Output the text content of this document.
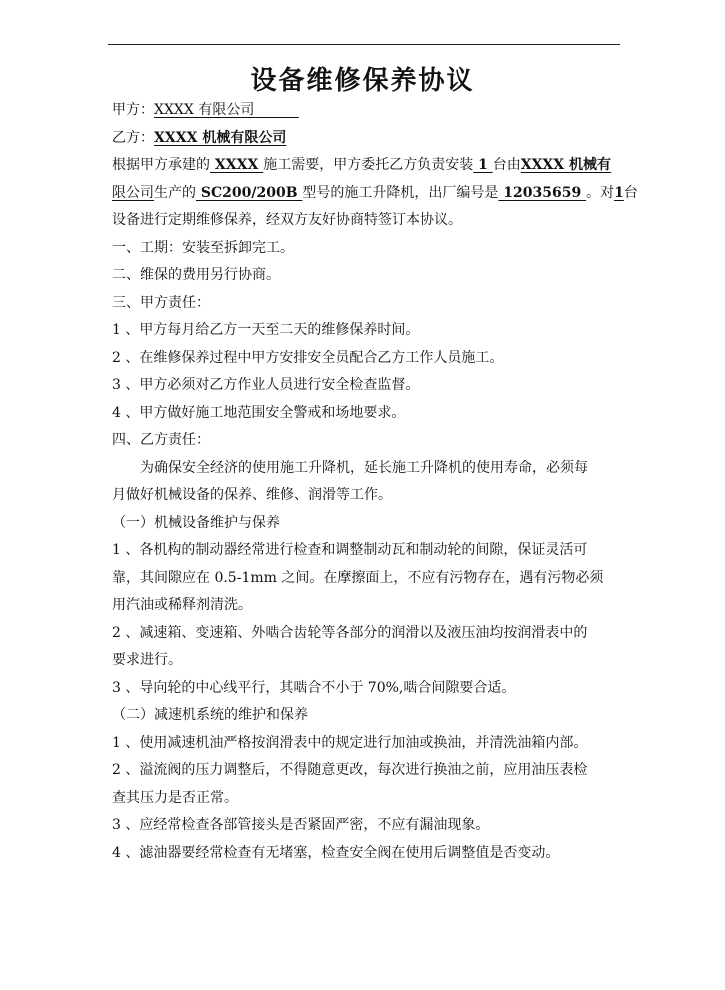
设备维修保养协议
甲方：XXXX 有限公司
乙方：XXXX 机械有限公司
根据甲方承建的 XXXX 施工需要，甲方委托乙方负责安装 1 台由XXXX 机械有
限公司生产的 SC200/200B 型号的施工升降机，出厂编号是 12035659 。对1台
设备进行定期维修保养，经双方友好协商特签订本协议。
一、工期：安装至拆卸完工。
二、维保的费用另行协商。
三、甲方责任：
1 、甲方每月给乙方一天至二天的维修保养时间。
2 、在维修保养过程中甲方安排安全员配合乙方工作人员施工。
3 、甲方必须对乙方作业人员进行安全检查监督。
4 、甲方做好施工地范围安全警戒和场地要求。
四、乙方责任：
为确保安全经济的使用施工升降机，延长施工升降机的使用寿命，必须每
月做好机械设备的保养、维修、润滑等工作。
（一）机械设备维护与保养
1 、各机构的制动器经常进行检查和调整制动瓦和制动轮的间隙，保证灵活可
靠，其间隙应在 0.5-1mm 之间。在摩擦面上，不应有污物存在，遇有污物必须
用汽油或稀释剂清洗。
2 、减速箱、变速箱、外啮合齿轮等各部分的润滑以及液压油均按润滑表中的
要求进行。
3 、导向轮的中心线平行，其啮合不小于 70%,啮合间隙要合适。
（二）减速机系统的维护和保养
1 、使用减速机油严格按润滑表中的规定进行加油或换油，并清洗油箱内部。
2 、溢流阀的压力调整后，不得随意更改，每次进行换油之前，应用油压表检
查其压力是否正常。
3 、应经常检查各部管接头是否紧固严密，不应有漏油现象。
4 、滤油器要经常检查有无堵塞，检查安全阀在使用后调整值是否变动。
